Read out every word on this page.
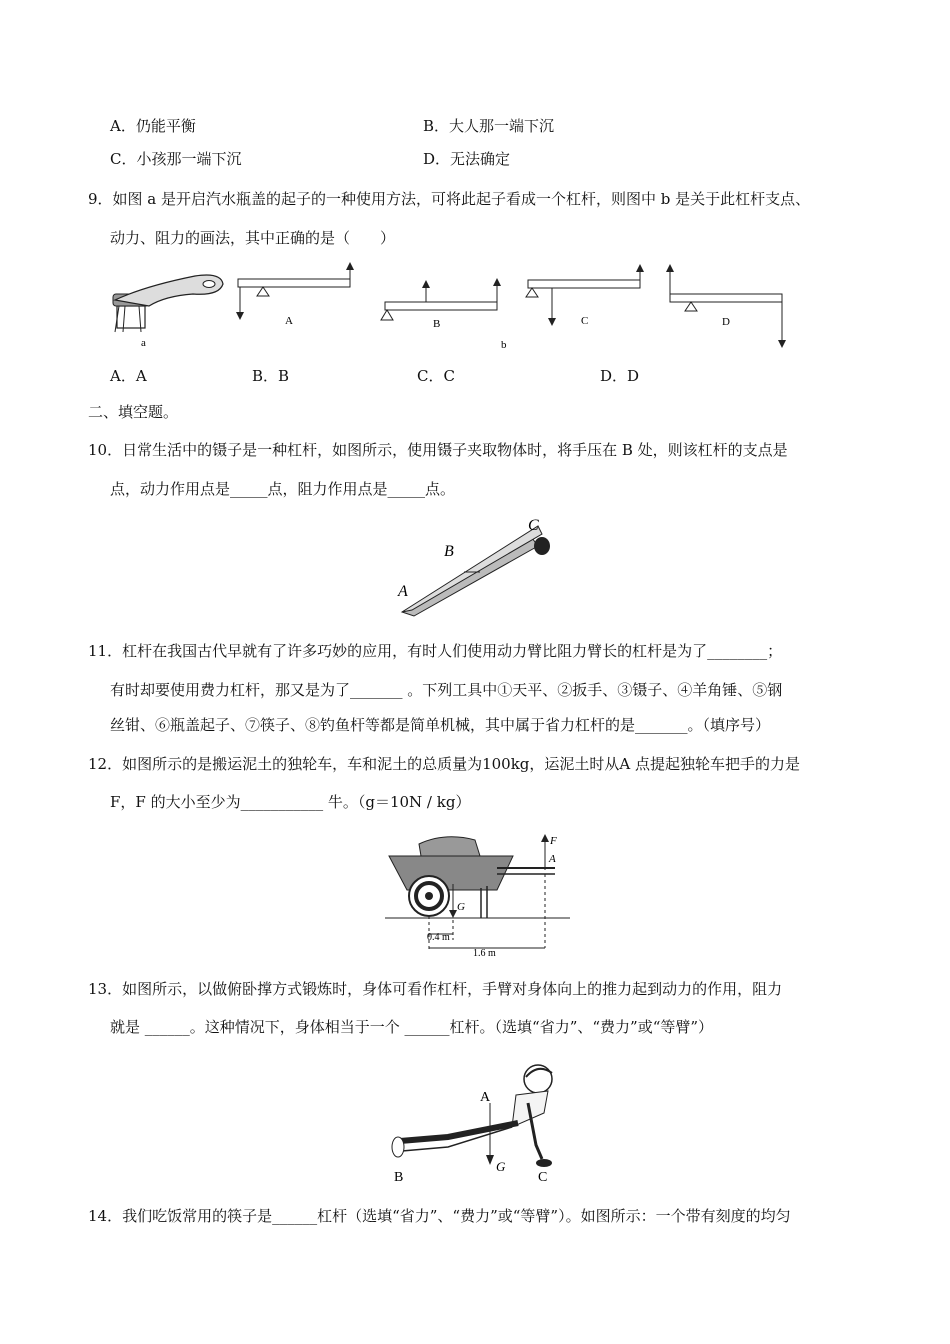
A．仍能平衡	B．大人那一端下沉
C．小孩那一端下沉	D．无法确定
9．如图 a 是开启汽水瓶盖的起子的一种使用方法，可将此起子看成一个杠杆，则图中 b 是关于此杠杆支点、
动力、阻力的画法，其中正确的是（　　）
a
A	B
b
C	D
A．A	B．B	C．C	D．D
二、填空题。
10．日常生活中的镊子是一种杠杆，如图所示，使用镊子夹取物体时，将手压在 B 处，则该杠杆的支点是
点，动力作用点是_____点，阻力作用点是_____点。
B
C
A
11．杠杆在我国古代早就有了许多巧妙的应用，有时人们使用动力臂比阻力臂长的杠杆是为了________；
有时却要使用费力杠杆，那又是为了_______ 。下列工具中①天平、②扳手、③镊子、④羊角锤、⑤钢
丝钳、⑥瓶盖起子、⑦筷子、⑧钓鱼杆等都是简单机械，其中属于省力杠杆的是_______。（填序号）
12．如图所示的是搬运泥土的独轮车，车和泥土的总质量为100kg，运泥土时从A 点提起独轮车把手的力是
F，F 的大小至少为___________ 牛。（g＝10N / kg）
G
F
A
0.4 m
1.6 m
13．如图所示，以做俯卧撑方式锻炼时，身体可看作杠杆，手臂对身体向上的推力起到动力的作用，阻力
就是 ______。这种情况下，身体相当于一个 ______杠杆。（选填“省力”、“费力”或“等臂”）
A
G
B	C
14．我们吃饭常用的筷子是______杠杆（选填“省力”、“费力”或“等臂”）。如图所示：一个带有刻度的均匀
